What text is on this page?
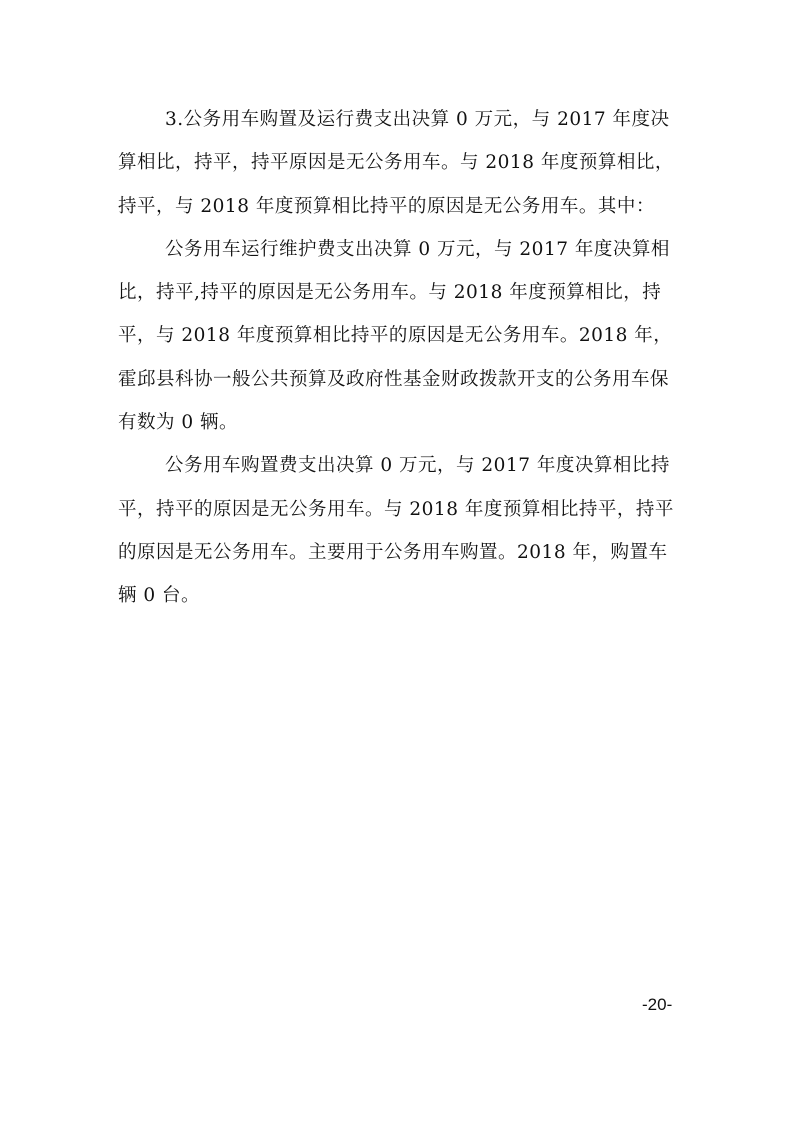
3.公务用车购置及运行费支出决算 0 万元，与 2017 年度决算相比，持平，持平原因是无公务用车。与 2018 年度预算相比，持平，与 2018 年度预算相比持平的原因是无公务用车。其中：

公务用车运行维护费支出决算 0 万元，与 2017 年度决算相比，持平,持平的原因是无公务用车。与 2018 年度预算相比，持平，与 2018 年度预算相比持平的原因是无公务用车。2018 年，霍邱县科协一般公共预算及政府性基金财政拨款开支的公务用车保有数为 0 辆。

公务用车购置费支出决算 0 万元，与 2017 年度决算相比持平，持平的原因是无公务用车。与 2018 年度预算相比持平，持平的原因是无公务用车。主要用于公务用车购置。2018 年，购置车辆 0 台。

-20-
